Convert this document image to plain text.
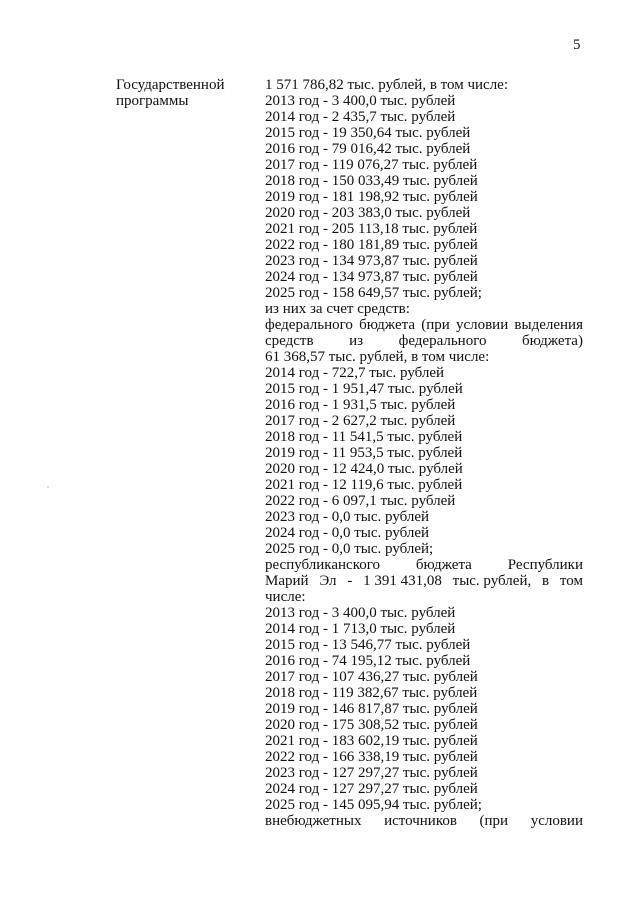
5
Государственной
программы
1 571 786,82 тыс. рублей, в том числе:
2013 год - 3 400,0 тыс. рублей
2014 год - 2 435,7 тыс. рублей
2015 год - 19 350,64 тыс. рублей
2016 год - 79 016,42 тыс. рублей
2017 год - 119 076,27 тыс. рублей
2018 год - 150 033,49 тыс. рублей
2019 год - 181 198,92 тыс. рублей
2020 год - 203 383,0 тыс. рублей
2021 год - 205 113,18 тыс. рублей
2022 год - 180 181,89 тыс. рублей
2023 год - 134 973,87 тыс. рублей
2024 год - 134 973,87 тыс. рублей
2025 год - 158 649,57 тыс. рублей;
из них за счет средств:
федерального бюджета (при условии выделения
средств из федерального бюджета)
61 368,57 тыс. рублей, в том числе:
2014 год - 722,7 тыс. рублей
2015 год - 1 951,47 тыс. рублей
2016 год - 1 931,5 тыс. рублей
2017 год - 2 627,2 тыс. рублей
2018 год - 11 541,5 тыс. рублей
2019 год - 11 953,5 тыс. рублей
2020 год - 12 424,0 тыс. рублей
2021 год - 12 119,6 тыс. рублей
2022 год - 6 097,1 тыс. рублей
2023 год - 0,0 тыс. рублей
2024 год - 0,0 тыс. рублей
2025 год - 0,0 тыс. рублей;
республиканского бюджета Республики
Марий Эл - 1 391 431,08 тыс. рублей, в том
числе:
2013 год - 3 400,0 тыс. рублей
2014 год - 1 713,0 тыс. рублей
2015 год - 13 546,77 тыс. рублей
2016 год - 74 195,12 тыс. рублей
2017 год - 107 436,27 тыс. рублей
2018 год - 119 382,67 тыс. рублей
2019 год - 146 817,87 тыс. рублей
2020 год - 175 308,52 тыс. рублей
2021 год - 183 602,19 тыс. рублей
2022 год - 166 338,19 тыс. рублей
2023 год - 127 297,27 тыс. рублей
2024 год - 127 297,27 тыс. рублей
2025 год - 145 095,94 тыс. рублей;
внебюджетных источников (при условии
